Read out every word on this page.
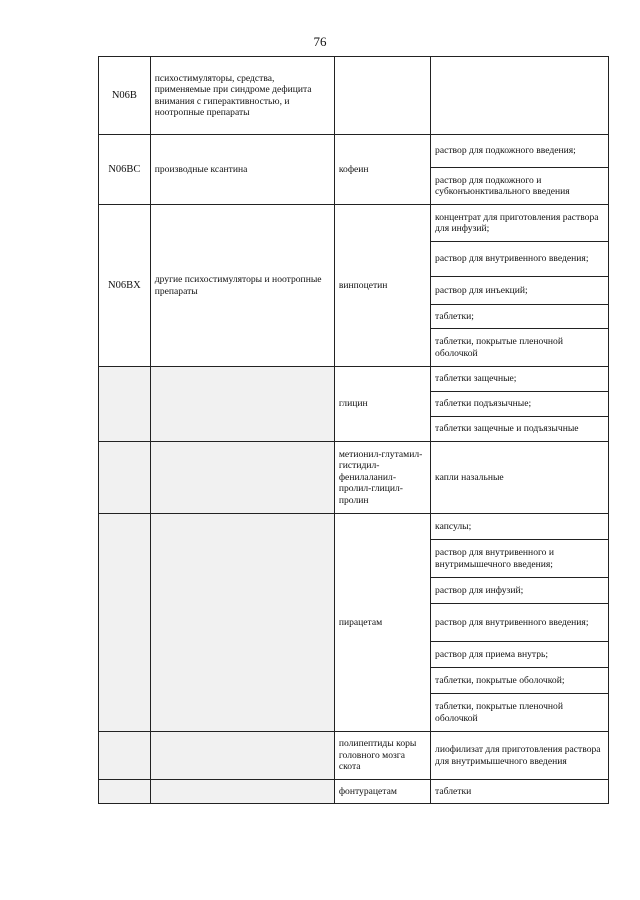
76
N06B	психостимуляторы, средства, применяемые при синдроме дефицита внимания с гиперактивностью, и ноотропные препараты		
N06BC	производные ксантина	кофеин	раствор для подкожного введения;
			раствор для подкожного и субконъюнктивального введения
N06BX	другие психостимуляторы и ноотропные препараты	винпоцетин	концентрат для приготовления раствора для инфузий;
			раствор для внутривенного введения;
			раствор для инъекций;
			таблетки;
			таблетки, покрытые пленочной оболочкой
		глицин	таблетки защечные;
			таблетки подъязычные;
			таблетки защечные и подъязычные
		метионил-глутамил-гистидил-фенилаланил-пролил-глицил-пролин	капли назальные
		пирацетам	капсулы;
			раствор для внутривенного и внутримышечного введения;
			раствор для инфузий;
			раствор для внутривенного введения;
			раствор для приема внутрь;
			таблетки, покрытые оболочкой;
			таблетки, покрытые пленочной оболочкой
		полипептиды коры головного мозга скота	лиофилизат для приготовления раствора для внутримышечного введения
		фонтурацетам	таблетки
